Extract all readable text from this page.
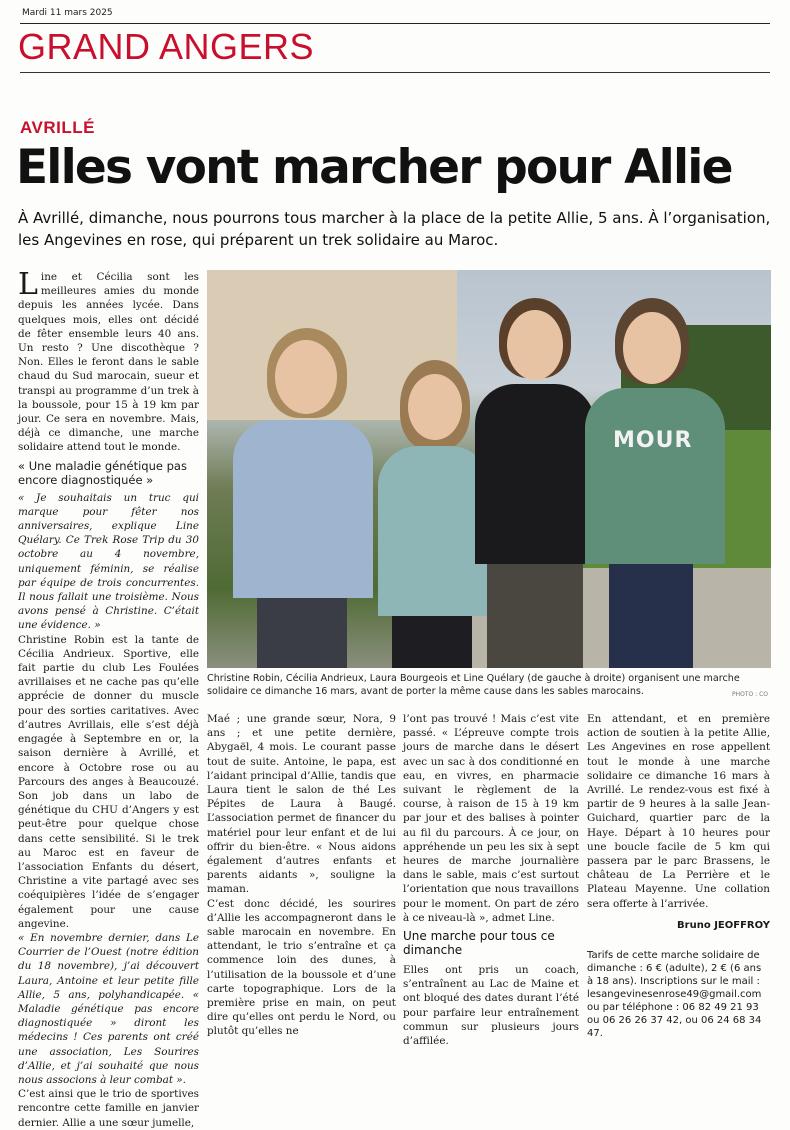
Mardi 11 mars 2025
GRAND ANGERS
AVRILLÉ
Elles vont marcher pour Allie
À Avrillé, dimanche, nous pourrons tous marcher à la place de la petite Allie, 5 ans. À l’organisation, les Angevines en rose, qui préparent un trek solidaire au Maroc.

Line et Cécilia sont les meilleures amies du monde depuis les années lycée. Dans quelques mois, elles ont décidé de fêter ensemble leurs 40 ans. Un resto ? Une discothèque ? Non. Elles le feront dans le sable chaud du Sud marocain, sueur et transpi au programme d’un trek à la boussole, pour 15 à 19 km par jour. Ce sera en novembre. Mais, déjà ce dimanche, une marche solidaire attend tout le monde.

« Une maladie génétique pas encore diagnostiquée »

« Je souhaitais un truc qui marque pour fêter nos anniversaires, explique Line Quélary. Ce Trek Rose Trip du 30 octobre au 4 novembre, uniquement féminin, se réalise par équipe de trois concurrentes. Il nous fallait une troisième. Nous avons pensé à Christine. C’était une évidence. »

Christine Robin est la tante de Cécilia Andrieux. Sportive, elle fait partie du club Les Foulées avrillaises et ne cache pas qu’elle apprécie de donner du muscle pour des sorties caritatives. Avec d’autres Avrillais, elle s’est déjà engagée à Septembre en or, la saison dernière à Avrillé, et encore à Octobre rose ou au Parcours des anges à Beaucouzé. Son job dans un labo de génétique du CHU d’Angers y est peut-être pour quelque chose dans cette sensibilité. Si le trek au Maroc est en faveur de l’association Enfants du désert, Christine a vite partagé avec ses coéquipières l’idée de s’engager également pour une cause angevine.

« En novembre dernier, dans Le Courrier de l’Ouest (notre édition du 18 novembre), j’ai découvert Laura, Antoine et leur petite fille Allie, 5 ans, polyhandicapée. « Maladie génétique pas encore diagnostiquée » diront les médecins ! Ces parents ont créé une association, Les Sourires d’Allie, et j’ai souhaité que nous nous associons à leur combat ».

C’est ainsi que le trio de sportives rencontre cette famille en janvier dernier. Allie a une sœur jumelle,

MOUR
Christine Robin, Cécilia Andrieux, Laura Bourgeois et Line Quélary (de gauche à droite) organisent une marche solidaire ce dimanche 16 mars, avant de porter la même cause dans les sables marocains.	PHOTO : CO

Maé ; une grande sœur, Nora, 9 ans ; et une petite dernière, Abygaël, 4 mois. Le courant passe tout de suite. Antoine, le papa, est l’aidant principal d’Allie, tandis que Laura tient le salon de thé Les Pépites de Laura à Baugé. L’association permet de financer du matériel pour leur enfant et de lui offrir du bien-être. « Nous aidons également d’autres enfants et parents aidants », souligne la maman.

C’est donc décidé, les sourires d’Allie les accompagneront dans le sable marocain en novembre. En attendant, le trio s’entraîne et ça commence loin des dunes, à l’utilisation de la boussole et d’une carte topographique. Lors de la première prise en main, on peut dire qu’elles ont perdu le Nord, ou plutôt qu’elles ne

l’ont pas trouvé ! Mais c’est vite passé. « L’épreuve compte trois jours de marche dans le désert avec un sac à dos conditionné en eau, en vivres, en pharmacie suivant le règlement de la course, à raison de 15 à 19 km par jour et des balises à pointer au fil du parcours. À ce jour, on appréhende un peu les six à sept heures de marche journalière dans le sable, mais c’est surtout l’orientation que nous travaillons pour le moment. On part de zéro à ce niveau-là », admet Line.

Une marche pour tous ce dimanche

Elles ont pris un coach, s’entraînent au Lac de Maine et ont bloqué des dates durant l’été pour parfaire leur entraînement commun sur plusieurs jours d’affilée.

En attendant, et en première action de soutien à la petite Allie, Les Angevines en rose appellent tout le monde à une marche solidaire ce dimanche 16 mars à Avrillé. Le rendez-vous est fixé à partir de 9 heures à la salle Jean-Guichard, quartier parc de la Haye. Départ à 10 heures pour une boucle facile de 5 km qui passera par le parc Brassens, le château de La Perrière et le Plateau Mayenne. Une collation sera offerte à l’arrivée.

Bruno JEOFFROY

Tarifs de cette marche solidaire de dimanche : 6 € (adulte), 2 € (6 ans à 18 ans). Inscriptions sur le mail : lesangevinesenrose49@gmail.com ou par téléphone : 06 82 49 21 93 ou 06 26 26 37 42, ou 06 24 68 34 47.
